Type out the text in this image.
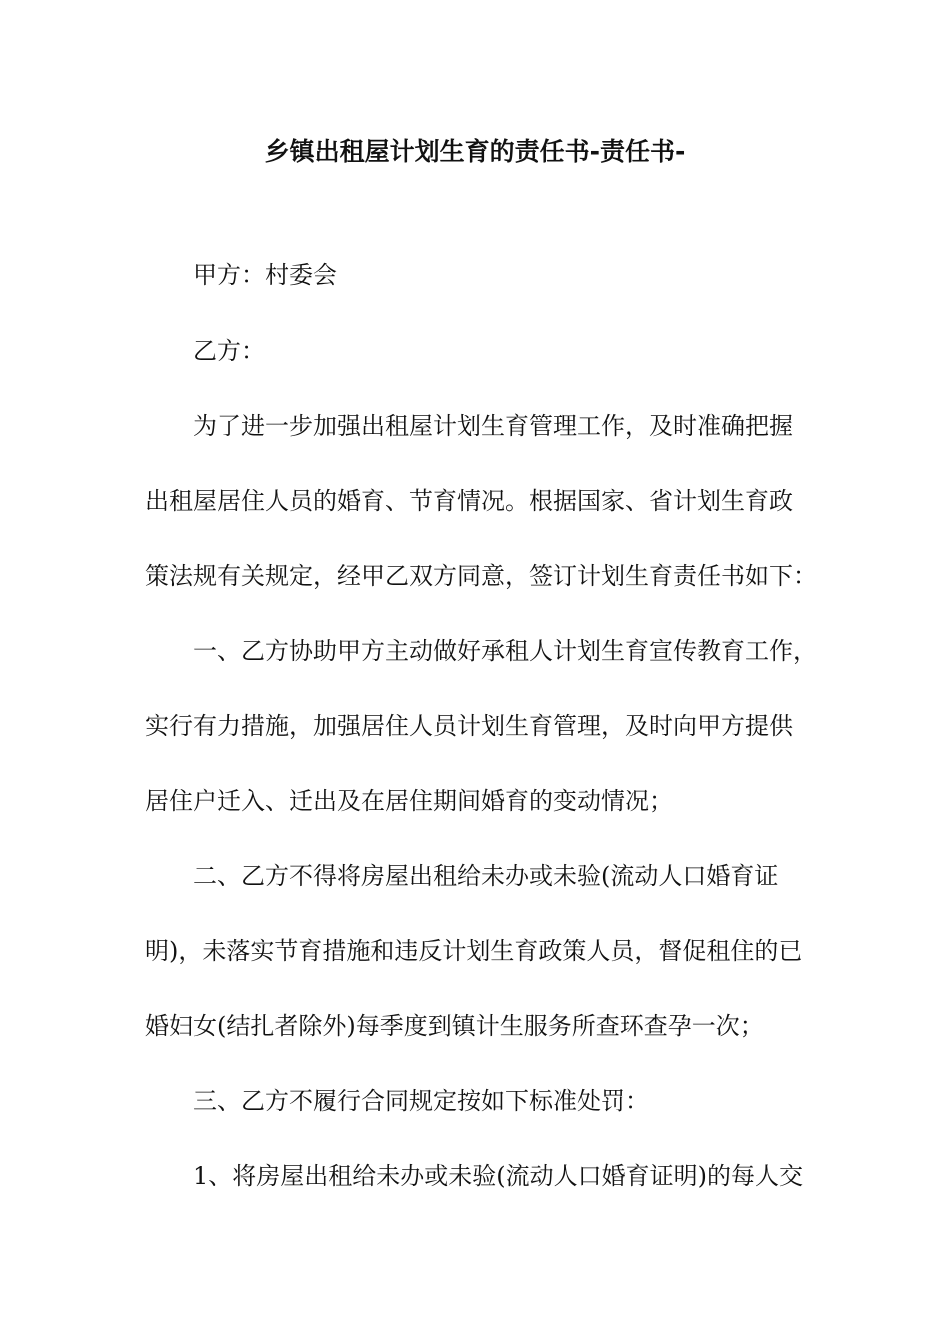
乡镇出租屋计划生育的责任书-责任书-
甲方：村委会
乙方：
为了进一步加强出租屋计划生育管理工作，及时准确把握
出租屋居住人员的婚育、节育情况。根据国家、省计划生育政
策法规有关规定，经甲乙双方同意，签订计划生育责任书如下：
一、乙方协助甲方主动做好承租人计划生育宣传教育工作，
实行有力措施，加强居住人员计划生育管理，及时向甲方提供
居住户迁入、迁出及在居住期间婚育的变动情况；
二、乙方不得将房屋出租给未办或未验(流动人口婚育证
明)，未落实节育措施和违反计划生育政策人员，督促租住的已
婚妇女(结扎者除外)每季度到镇计生服务所查环查孕一次；
三、乙方不履行合同规定按如下标准处罚：
1、将房屋出租给未办或未验(流动人口婚育证明)的每人交
